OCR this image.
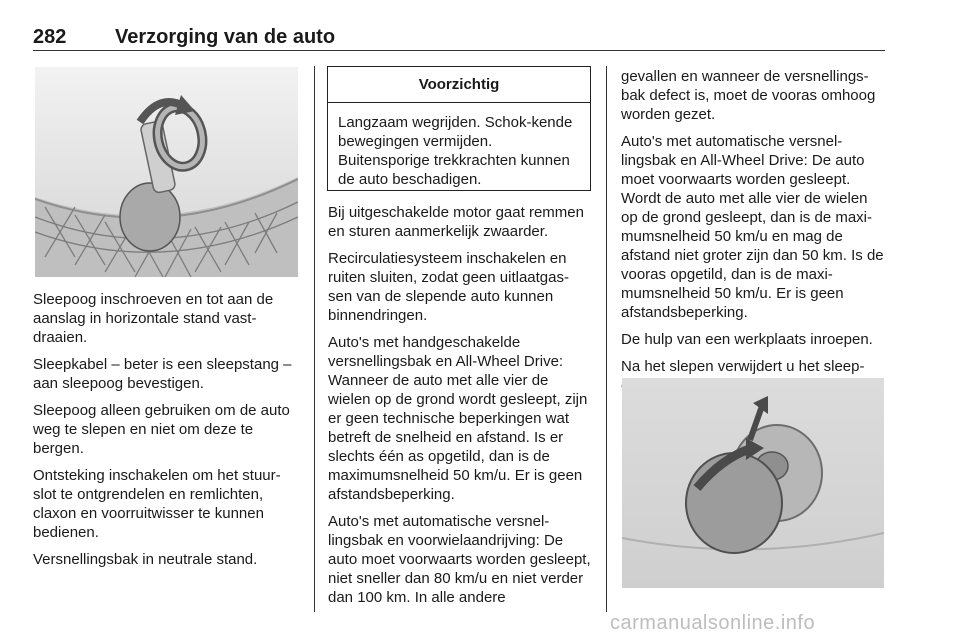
282 Verzorging van de auto

Sleepoog inschroeven en tot aan de aanslag in horizontale stand vast-draaien.

Sleepkabel – beter is een sleepstang – aan sleepoog bevestigen.

Sleepoog alleen gebruiken om de auto weg te slepen en niet om deze te bergen.

Ontsteking inschakelen om het stuur-slot te ontgrendelen en remlichten, claxon en voorruitwisser te kunnen bedienen.

Versnellingsbak in neutrale stand.

Voorzichtig
Langzaam wegrijden. Schok-kende bewegingen vermijden. Buitensporige trekkrachten kunnen de auto beschadigen.

Bij uitgeschakelde motor gaat remmen en sturen aanmerkelijk zwaarder.

Recirculatiesysteem inschakelen en ruiten sluiten, zodat geen uitlaatgas-sen van de slepende auto kunnen binnendringen.

Auto's met handgeschakelde versnellingsbak en All-Wheel Drive: Wanneer de auto met alle vier de wielen op de grond wordt gesleept, zijn er geen technische beperkingen wat betreft de snelheid en afstand. Is er slechts één as opgetild, dan is de maximumsnelheid 50 km/u. Er is geen afstandsbeperking.

Auto's met automatische versnel-lingsbak en voorwielaandrijving: De auto moet voorwaarts worden gesleept, niet sneller dan 80 km/u en niet verder dan 100 km. In alle andere

gevallen en wanneer de versnellings-bak defect is, moet de vooras omhoog worden gezet.

Auto's met automatische versnel-lingsbak en All-Wheel Drive: De auto moet voorwaarts worden gesleept. Wordt de auto met alle vier de wielen op de grond gesleept, dan is de maxi-mumsnelheid 50 km/u en mag de afstand niet groter zijn dan 50 km. Is de vooras opgetild, dan is de maxi-mumsnelheid 50 km/u. Er is geen afstandsbeperking.

De hulp van een werkplaats inroepen.

Na het slepen verwijdert u het sleep-

carmanualsonline.info
